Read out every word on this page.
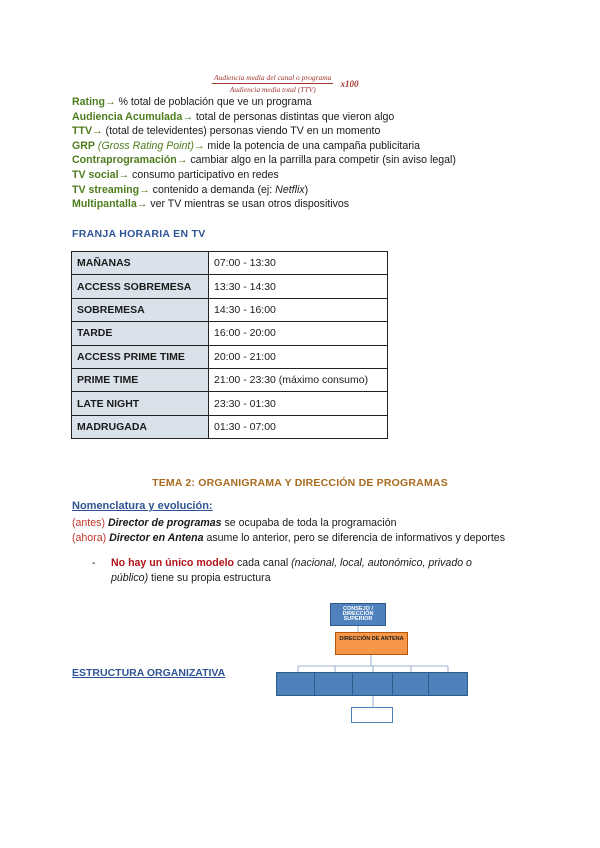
$\frac{\text{Audiencia media del canal o programa}}{\text{Audiencia media total (TTV)}} x100$
Rating→ % total de población que ve un programa
Audiencia Acumulada→ total de personas distintas que vieron algo
TTV→ (total de televidentes) personas viendo TV en un momento
GRP (Gross Rating Point)→ mide la potencia de una campaña publicitaria
Contraprogramación→ cambiar algo en la parrilla para competir (sin aviso legal)
TV social→ consumo participativo en redes
TV streaming→ contenido a demanda (ej: Netflix)
Multipantalla→ ver TV mientras se usan otros dispositivos
FRANJA HORARIA EN TV
MAÑANAS	07:00 - 13:30
ACCESS SOBREMESA	13:30 - 14:30
SOBREMESA	14:30 - 16:00
TARDE	16:00 - 20:00
ACCESS PRIME TIME	20:00 - 21:00
PRIME TIME	21:00 - 23:30 (máximo consumo)
LATE NIGHT	23:30 - 01:30
MADRUGADA	01:30 - 07:00
TEMA 2: ORGANIGRAMA Y DIRECCIÓN DE PROGRAMAS
Nomenclatura y evolución:
(antes) Director de programas se ocupaba de toda la programación
(ahora) Director en Antena asume lo anterior, pero se diferencia de informativos y deportes
- No hay un único modelo cada canal (nacional, local, autonómico, privado o público) tiene su propia estructura
ESTRUCTURA ORGANIZATIVA
CONSEJO / DIRECCIÓN SUPERIOR
DIRECCIÓN DE ANTENA
